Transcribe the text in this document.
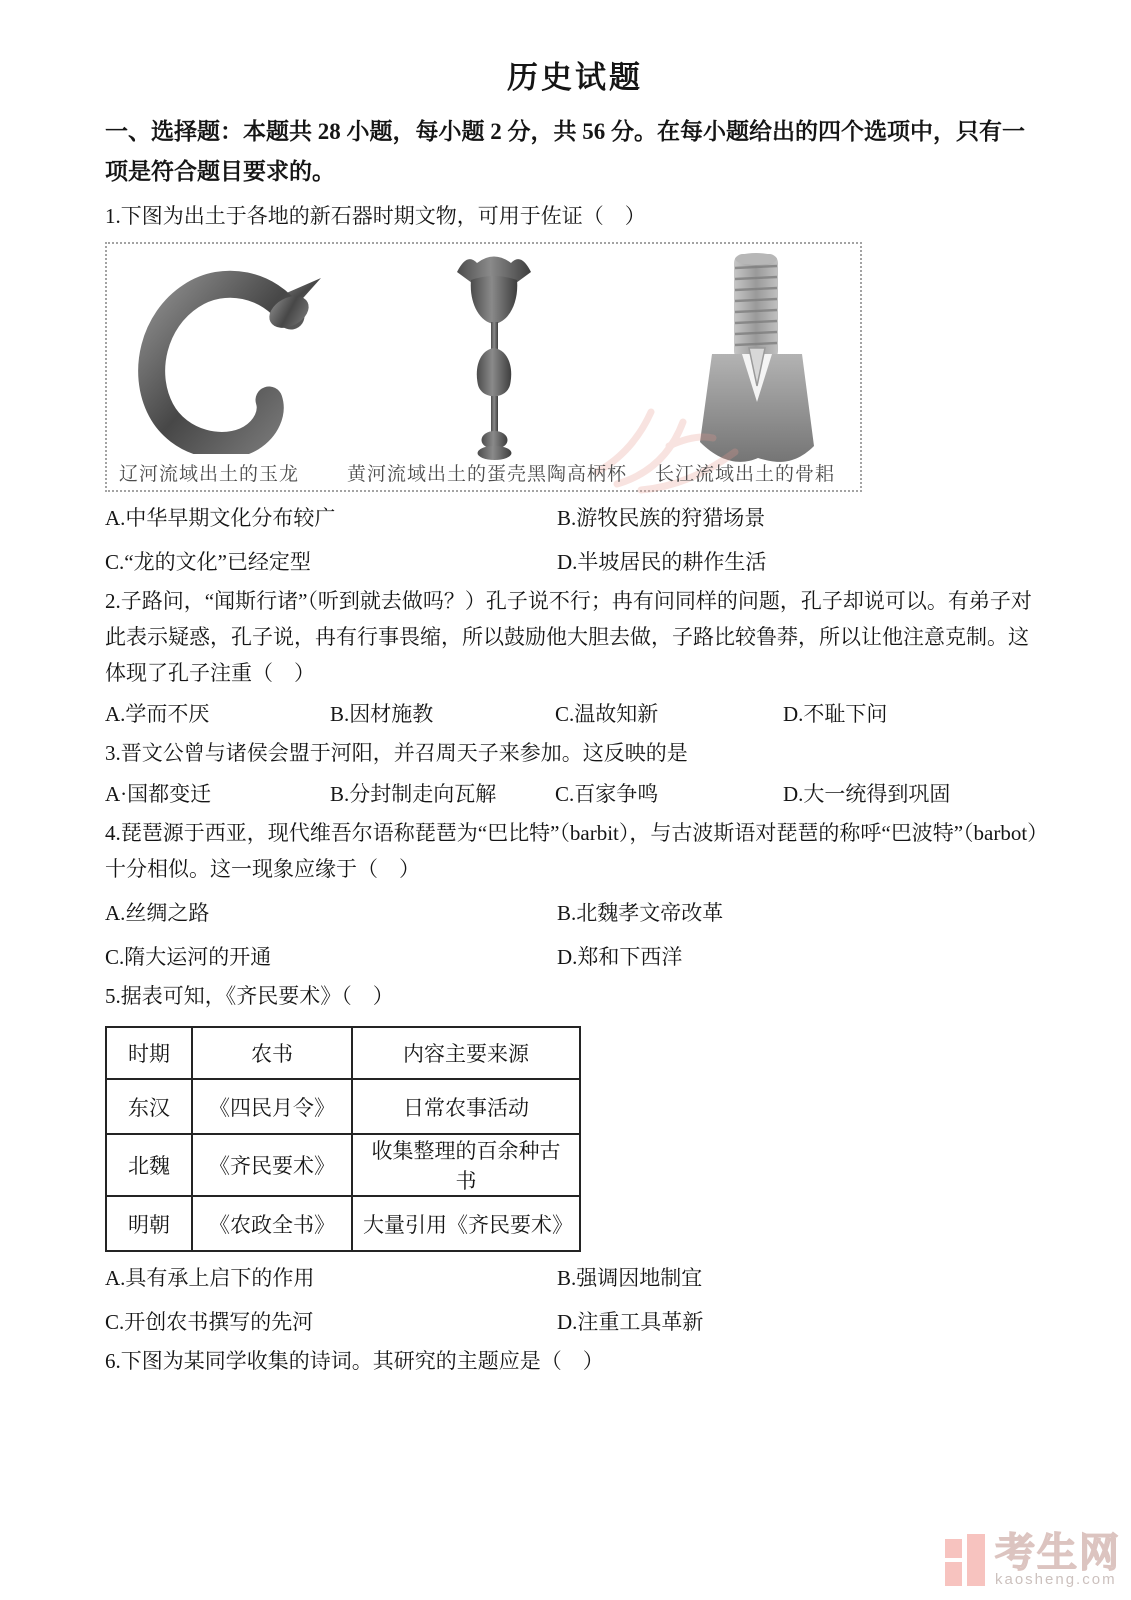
历史试题

一、选择题：本题共 28 小题，每小题 2 分，共 56 分。在每小题给出的四个选项中，只有一项是符合题目要求的。

1.下图为出土于各地的新石器时期文物，可用于佐证（　）

辽河流域出土的玉龙	黄河流域出土的蛋壳黑陶高柄杯 长江流域出土的骨耜
A.中华早期文化分布较广	B.游牧民族的狩猎场景
C.“龙的文化”已经定型	D.半坡居民的耕作生活

2.子路问，“闻斯行诸”（听到就去做吗？）孔子说不行；冉有问同样的问题，孔子却说可以。有弟子对此表示疑惑，孔子说，冉有行事畏缩，所以鼓励他大胆去做，子路比较鲁莽，所以让他注意克制。这体现了孔子注重（　）

A.学而不厌	B.因材施教	C.温故知新	D.不耻下问

3.晋文公曾与诸侯会盟于河阳，并召周天子来参加。这反映的是

A·国都变迁	B.分封制走向瓦解	C.百家争鸣	D.大一统得到巩固

4.琵琶源于西亚，现代维吾尔语称琵琶为“巴比特”（barbit），与古波斯语对琵琶的称呼“巴波特”（barbot）十分相似。这一现象应缘于（　）

A.丝绸之路	B.北魏孝文帝改革
C.隋大运河的开通	D.郑和下西洋

5.据表可知，《齐民要术》（　）

时期	农书	内容主要来源
东汉	《四民月令》	日常农事活动
北魏	《齐民要术》	收集整理的百余种古书
明朝	《农政全书》	大量引用《齐民要术》
A.具有承上启下的作用	B.强调因地制宜
C.开创农书撰写的先河	D.注重工具革新

6.下图为某同学收集的诗词。其研究的主题应是（　）

考生网
kaosheng.com
